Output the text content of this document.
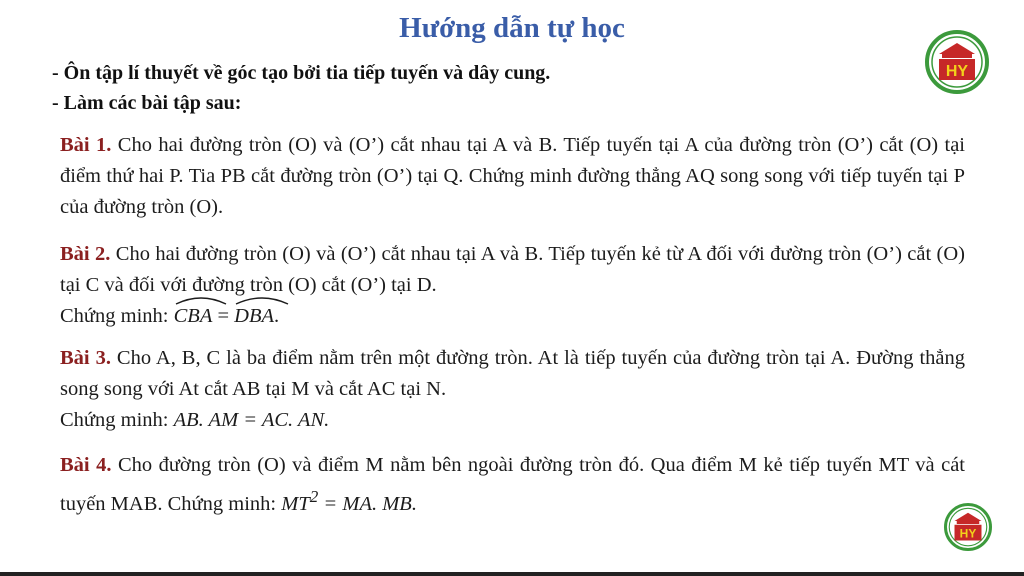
Hướng dẫn tự học
HY
- Ôn tập lí thuyết về góc tạo bởi tia tiếp tuyến và dây cung.
- Làm các bài tập sau:
Bài 1. Cho hai đường tròn (O) và (O’) cắt nhau tại A và B. Tiếp tuyến tại A của đường tròn (O’) cắt (O) tại điểm thứ hai P. Tia PB cắt đường tròn (O’) tại Q. Chứng minh đường thẳng AQ song song với tiếp tuyến tại P của đường tròn (O).
Bài 2. Cho hai đường tròn (O) và (O’) cắt nhau tại A và B. Tiếp tuyến kẻ từ A đối với đường tròn (O’) cắt (O) tại C và đối với đường tròn (O) cắt (O’) tại D.
Chứng minh: CBA = DBA.
Bài 3. Cho A, B, C là ba điểm nằm trên một đường tròn. At là tiếp tuyến của đường tròn tại A. Đường thẳng song song với At cắt AB tại M và cắt AC tại N.
Chứng minh: AB. AM = AC. AN.
Bài 4. Cho đường tròn (O) và điểm M nằm bên ngoài đường tròn đó. Qua điểm M kẻ tiếp tuyến MT và cát tuyến MAB. Chứng minh: $MT^2$ = MA. MB.
HY
